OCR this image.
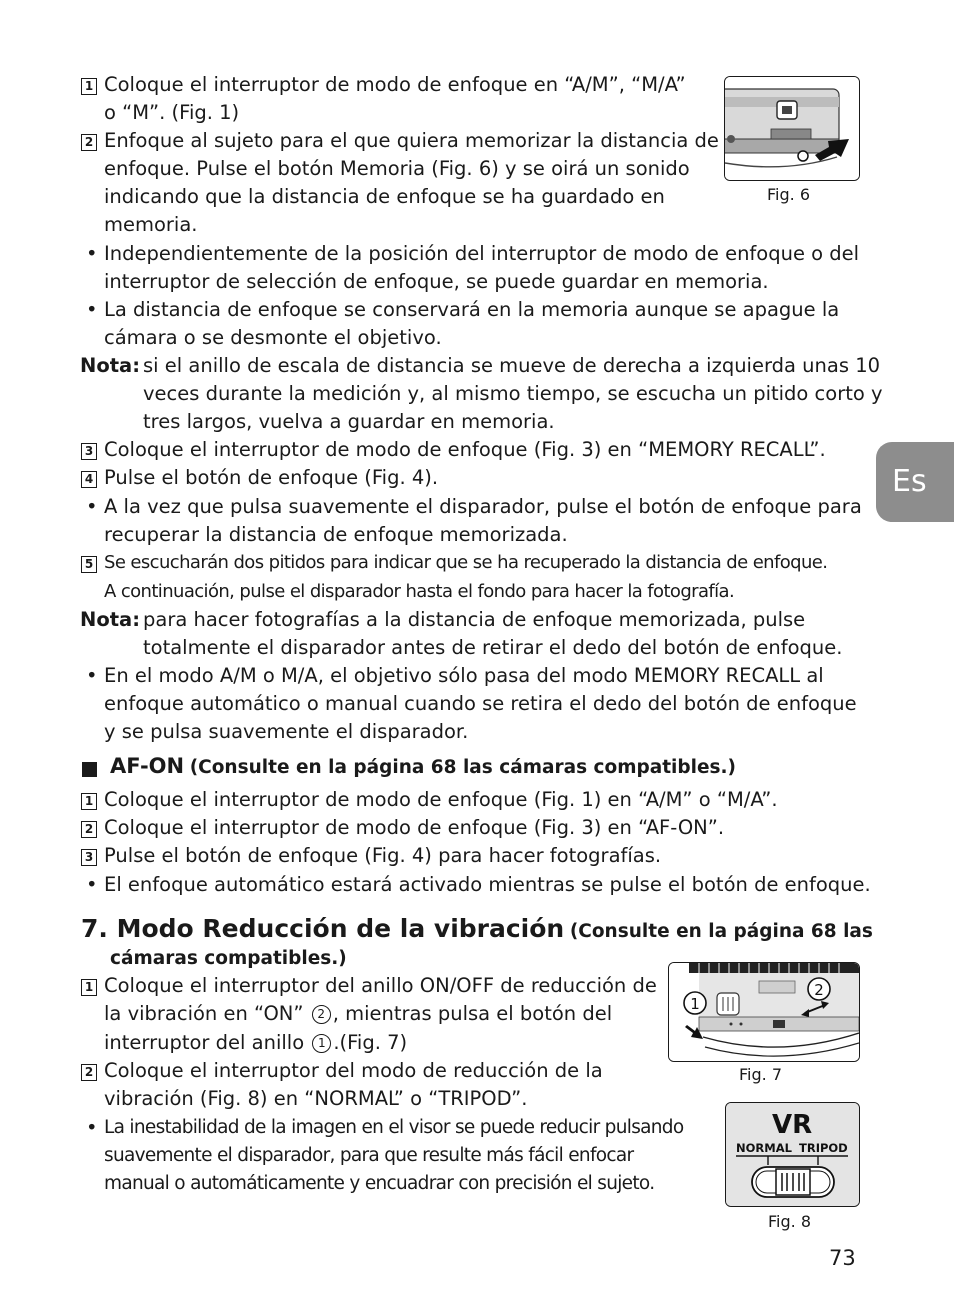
Es
1 Coloque el interruptor de modo de enfoque en “A/M”, “M/A”
o “M”. (Fig. 1)
2 Enfoque al sujeto para el que quiera memorizar la distancia de
enfoque. Pulse el botón Memoria (Fig. 6) y se oirá un sonido
indicando que la distancia de enfoque se ha guardado en
memoria.
• Independientemente de la posición del interruptor de modo de enfoque o del
interruptor de selección de enfoque, se puede guardar en memoria.
• La distancia de enfoque se conservará en la memoria aunque se apague la
cámara o se desmonte el objetivo.
Nota: si el anillo de escala de distancia se mueve de derecha a izquierda unas 10
veces durante la medición y, al mismo tiempo, se escucha un pitido corto y
tres largos, vuelva a guardar en memoria.
3 Coloque el interruptor de modo de enfoque (Fig. 3) en “MEMORY RECALL”.
4 Pulse el botón de enfoque (Fig. 4).
• A la vez que pulsa suavemente el disparador, pulse el botón de enfoque para
recuperar la distancia de enfoque memorizada.
5 Se escucharán dos pitidos para indicar que se ha recuperado la distancia de enfoque.
A continuación, pulse el disparador hasta el fondo para hacer la fotografía.
Nota: para hacer fotografías a la distancia de enfoque memorizada, pulse
totalmente el disparador antes de retirar el dedo del botón de enfoque.
• En el modo A/M o M/A, el objetivo sólo pasa del modo MEMORY RECALL al
enfoque automático o manual cuando se retira el dedo del botón de enfoque
y se pulsa suavemente el disparador.
AF-ON (Consulte en la página 68 las cámaras compatibles.)
1 Coloque el interruptor de modo de enfoque (Fig. 1) en “A/M” o “M/A”.
2 Coloque el interruptor de modo de enfoque (Fig. 3) en “AF-ON”.
3 Pulse el botón de enfoque (Fig. 4) para hacer fotografías.
• El enfoque automático estará activado mientras se pulse el botón de enfoque.
7. Modo Reducción de la vibración (Consulte en la página 68 las
cámaras compatibles.)
1 Coloque el interruptor del anillo ON/OFF de reducción de
la vibración en “ON” 2 , mientras pulsa el botón del
interruptor del anillo 1 .(Fig. 7)
2 Coloque el interruptor del modo de reducción de la
vibración (Fig. 8) en “NORMAL” o “TRIPOD”.
• La inestabilidad de la imagen en el visor se puede reducir pulsando
suavemente el disparador, para que resulte más fácil enfocar
manual o automáticamente y encuadrar con precisión el sujeto.
Fig. 6
1
2
Fig. 7
VR
NORMAL TRIPOD
Fig. 8
73
